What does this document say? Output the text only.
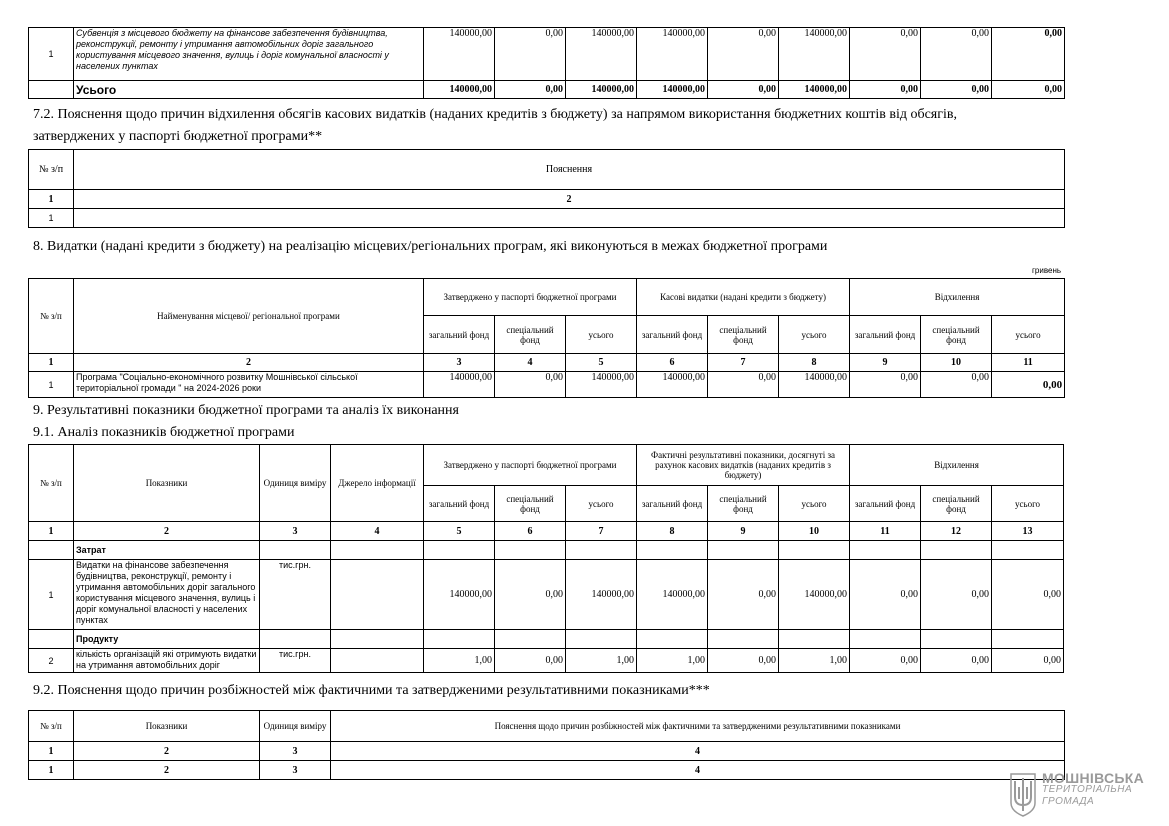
1	Субвенція з місцевого бюджету на фінансове забезпечення будівництва, реконструкції, ремонту і утримання автомобільних доріг загального користування місцевого значення, вулиць і доріг комунальної власності у населених пунктах	140000,00	0,00	140000,00	140000,00	0,00	140000,00	0,00	0,00	0,00
	Усього	140000,00	0,00	140000,00	140000,00	0,00	140000,00	0,00	0,00	0,00

7.2. Пояснення щодо причин відхилення обсягів касових видатків (наданих кредитів з бюджету) за напрямом використання бюджетних коштів від обсягів, затверджених у паспорті бюджетної програми**

№ з/п	Пояснення
1	2
1	

8. Видатки (надані кредити з бюджету) на реалізацію місцевих/регіональних програм, які виконуються в межах бюджетної програми

гривень
№ з/п	Найменування місцевої/ регіональної програми	Затверджено у паспорті бюджетної програми			Касові видатки (надані кредити з бюджету)			Відхилення		
		загальний фонд	спеціальний фонд	усього	загальний фонд	спеціальний фонд	усього	загальний фонд	спеціальний фонд	усього
1	2	3	4	5	6	7	8	9	10	11
1	Програма "Соціально-економічного розвитку Мошнівської сільської територіальної громади " на 2024-2026 роки	140000,00	0,00	140000,00	140000,00	0,00	140000,00	0,00	0,00	0,00

9. Результативні показники бюджетної програми та аналіз їх виконання

9.1. Аналіз показників бюджетної програми

№ з/п	Показники	Одиниця виміру	Джерело інформації	Затверджено у паспорті бюджетної програми			Фактичні результативні показники, досягнуті за рахунок касових видатків (наданих кредитів з бюджету)			Відхилення		
				загальний фонд	спеціальний фонд	усього	загальний фонд	спеціальний фонд	усього	загальний фонд	спеціальний фонд	усього
1	2	3	4	5	6	7	8	9	10	11	12	13
	Затрат											
1	Видатки на фінансове забезпечення будівництва, реконструкції, ремонту і утримання автомобільних доріг загального користування місцевого значення, вулиць і доріг комунальної власності у населених пунктах	тис.грн.		140000,00	0,00	140000,00	140000,00	0,00	140000,00	0,00	0,00	0,00
	Продукту											
2	кількість організацій які отримують видатки на утримання автомобільних доріг	тис.грн.		1,00	0,00	1,00	1,00	0,00	1,00	0,00	0,00	0,00

9.2. Пояснення щодо причин розбіжностей між фактичними та затвердженими результативними показниками***

№ з/п	Показники	Одиниця виміру	Пояснення щодо причин розбіжностей між фактичними та затвердженими результативними показниками
1	2	3	4
1	2	3	4	МОШНІВСЬКА
ТЕРИТОРІАЛЬНА
ГРОМАДА
